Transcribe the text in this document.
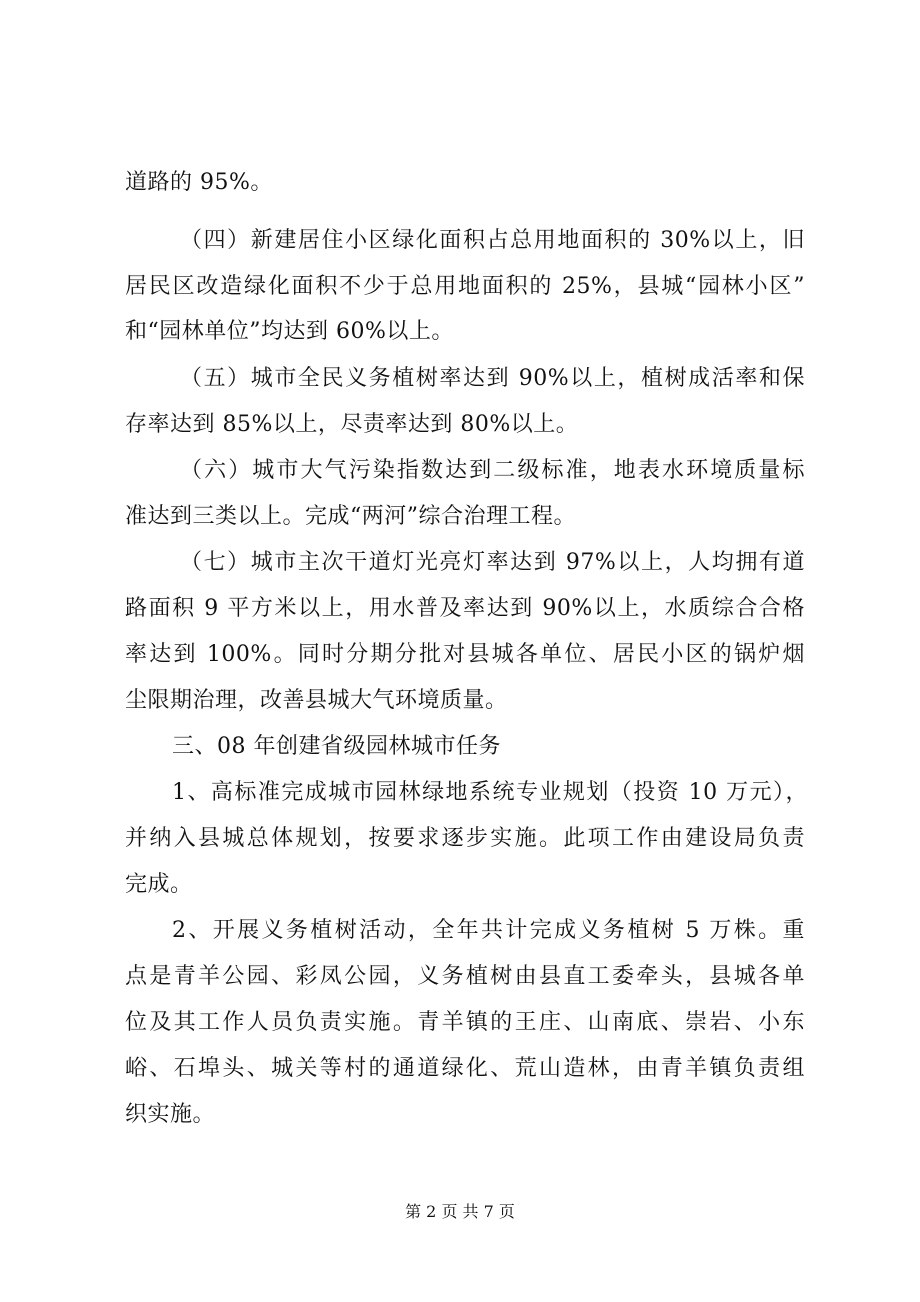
道路的 95%。
（四）新建居住小区绿化面积占总用地面积的 30%以上，旧
居民区改造绿化面积不少于总用地面积的 25%，县城“园林小区”
和“园林单位”均达到 60%以上。
（五）城市全民义务植树率达到 90%以上，植树成活率和保
存率达到 85%以上，尽责率达到 80%以上。
（六）城市大气污染指数达到二级标准，地表水环境质量标
准达到三类以上。完成“两河”综合治理工程。
（七）城市主次干道灯光亮灯率达到 97%以上，人均拥有道
路面积 9 平方米以上，用水普及率达到 90%以上，水质综合合格
率达到 100%。同时分期分批对县城各单位、居民小区的锅炉烟
尘限期治理，改善县城大气环境质量。
三、08 年创建省级园林城市任务
1、高标准完成城市园林绿地系统专业规划（投资 10 万元），
并纳入县城总体规划，按要求逐步实施。此项工作由建设局负责
完成。
2、开展义务植树活动，全年共计完成义务植树 5 万株。重
点是青羊公园、彩凤公园，义务植树由县直工委牵头，县城各单
位及其工作人员负责实施。青羊镇的王庄、山南底、崇岩、小东
峪、石埠头、城关等村的通道绿化、荒山造林，由青羊镇负责组
织实施。
第 2 页 共 7 页
